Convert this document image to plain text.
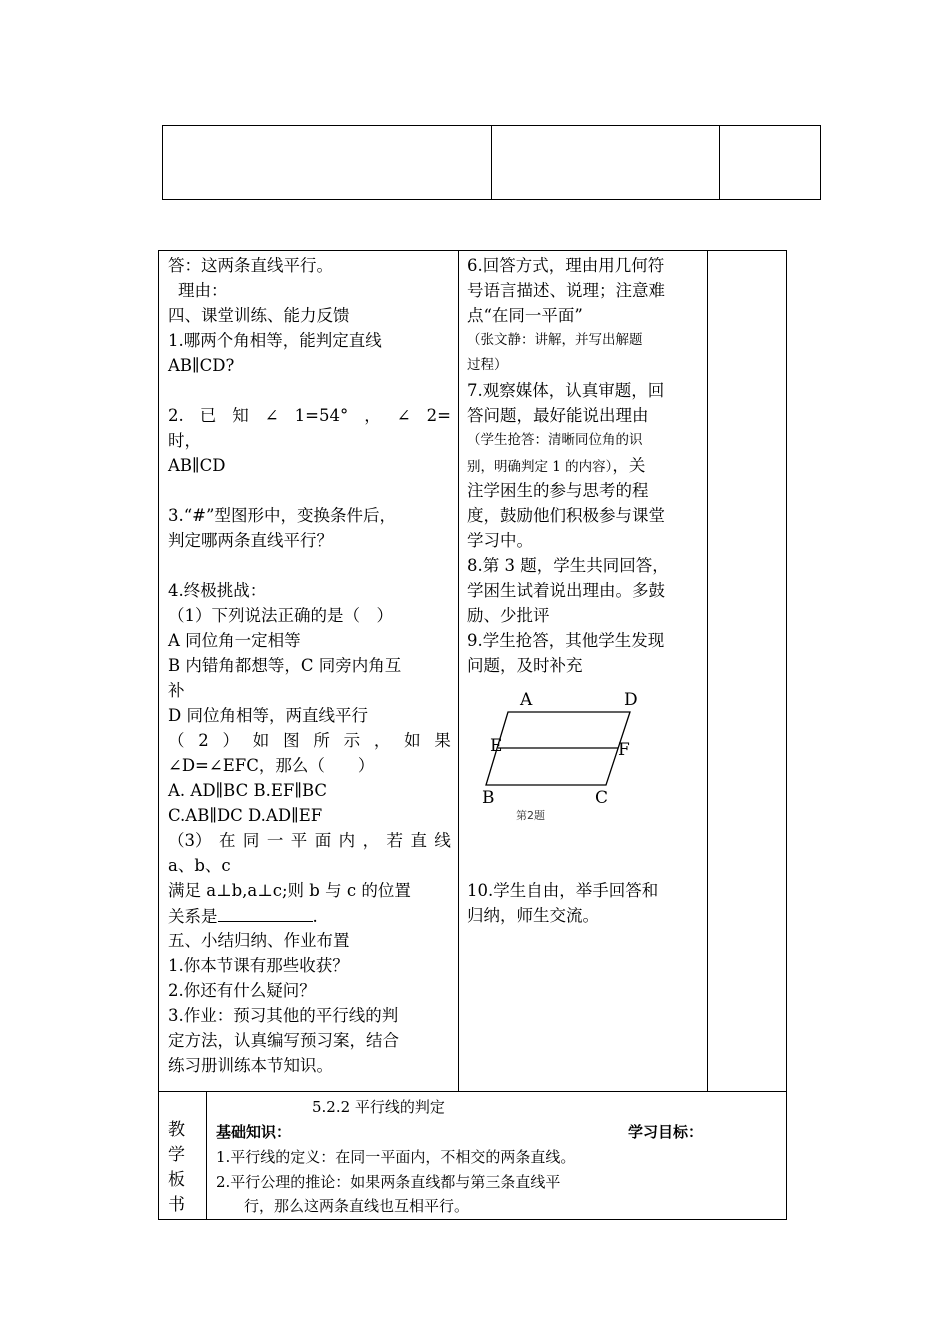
答：这两条直线平行。
理由：
四、课堂训练、能力反馈
1.哪两个角相等，能判定直线
AB∥CD?
2. 已 知 ∠ 1=54° ， ∠ 2=
时，
AB∥CD
3.“#”型图形中，变换条件后，
判定哪两条直线平行？
4.终极挑战：
（1）下列说法正确的是（　）
A 同位角一定相等
B 内错角都想等，C 同旁内角互
补
D 同位角相等，两直线平行
（ 2 ） 如 图 所 示 ， 如 果
∠D=∠EFC，那么（　　）
A. AD∥BC B.EF∥BC
C.AB∥DC D.AD∥EF
（3） 在 同 一 平 面 内 ， 若 直 线
a、b、c
满足 a⊥b,a⊥c;则 b 与 c 的位置
关系是	.
五、小结归纳、作业布置
1.你本节课有那些收获？
2.你还有什么疑问？
3.作业：预习其他的平行线的判
定方法，认真编写预习案，结合
练习册训练本节知识。
6.回答方式，理由用几何符
号语言描述、说理；注意难
点“在同一平面”
（张文静：讲解，并写出解题
过程）
7.观察媒体，认真审题，回
答问题，最好能说出理由
（学生抢答：清晰同位角的识
别，明确判定 1 的内容），关
注学困生的参与思考的程
度，鼓励他们积极参与课堂
学习中。
8.第 3 题，学生共同回答，
学困生试着说出理由。多鼓
励、少批评
9.学生抢答，其他学生发现
问题，及时补充
10.学生自由，举手回答和
归纳，师生交流。
A	D
E	F
B	C
第2题
教
学
板
书
5.2.2 平行线的判定
基础知识：	学习目标：
1.平行线的定义：在同一平面内，不相交的两条直线。
2.平行公理的推论：如果两条直线都与第三条直线平
行，那么这两条直线也互相平行。
